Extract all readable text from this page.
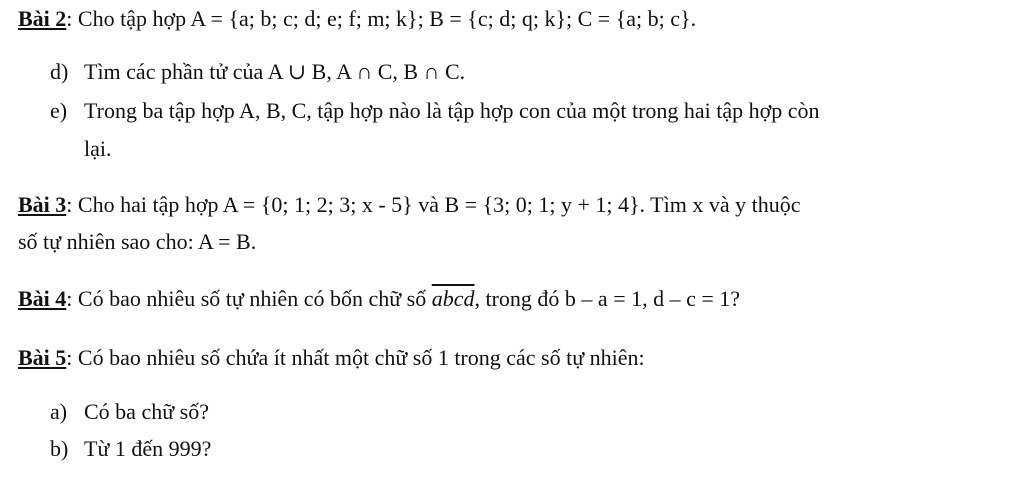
Bài 2: Cho tập hợp A = {a; b; c; d; e; f; m; k}; B = {c; d; q; k}; C = {a; b; c}.
d) Tìm các phần tử của A ∪ B, A ∩ C, B ∩ C.
e) Trong ba tập hợp A, B, C, tập hợp nào là tập hợp con của một trong hai tập hợp còn
lại.
Bài 3: Cho hai tập hợp A = {0; 1; 2; 3; x - 5} và B = {3; 0; 1; y + 1; 4}. Tìm x và y thuộc
số tự nhiên sao cho: A = B.
Bài 4: Có bao nhiêu số tự nhiên có bốn chữ số abcd, trong đó b – a = 1, d – c = 1?
Bài 5: Có bao nhiêu số chứa ít nhất một chữ số 1 trong các số tự nhiên:
a) Có ba chữ số?
b) Từ 1 đến 999?
